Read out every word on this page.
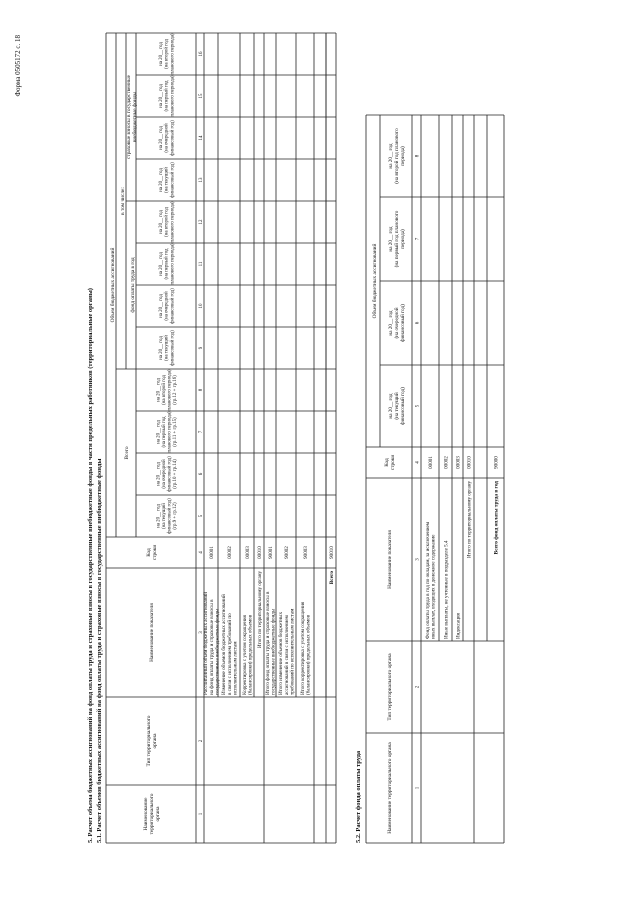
Форма 0505172 с. 18
5. Расчет объема бюджетных ассигнований на фонд оплаты труда и страховые взносы в государственные внебюджетные фонды в части предельных работников (территориальные органы) 5.1. Расчет объемов бюджетных ассигнований на фонд оплаты труда и страховые взносы в государственные внебюджетные фонды	Наименованиетерриториальногооргана
Тип территориальногооргана
Наименование показателя
Кодстроки
Объем бюджетных ассигнований
Всего
в том числе:
фонд оплаты труда в год
страховые взносы в государственныевнебюджетные фонды
на 20__ год(на текущийфинансовый год)(гр.9 + гр.12)
на 20__ год(на очереднойфинансовый год)(гр.10 + гр.14)
на 20__ год(на первый годпланового периода)(гр.11 + гр.15)
на 20__ год(на второй годпланового периода)(гр.12 + гр.16)
на 20__ год(на текущийфинансовый год)
на 20__ год(на очереднойфинансовый год)
на 20__ год(на первый годпланового периода)
на 20__ год(на второй годпланового периода)
на 20__ год(на текущийфинансовый год)
на 20__ год(на очереднойфинансовый год)
на 20__ год(на первый годпланового периода)
на 20__ год(на второй годпланового периода)
1
2
3
4
5
6
7
8
9
10
11
12
13
14
15
16
Рассчитанный объем бюджетных ассигнованийна фонд оплаты труда и страховые взносы вгосударственные внебюджетные фонды
00001
Изменение объемов бюджетных ассигнованийв связи с исполнением требований поисполнительным листам
00002
Корректировка с учетом сокращения(балансировки) предельных объемов
00003
Итого по территориальному органу
00010
Итого фонд оплаты труда и страховые взносы вгосударственные внебюджетные фонды
90001
Итого изменение объемов бюджетныхассигнований в связи с исполнениемтребований по исполнительным листам
90002
Итого корректировка с учетом сокращения(балансировки) предельных объемов
90003
Всего
90010
5.2. Расчет фонда оплаты труда	Наименование территориального органа
Тип территориального органа
Наименование показателя
Кодстроки
Объем бюджетных ассигнований
на 20__ год(на текущийфинансовый год)
на 20__ год(на очереднойфинансовый год)
на 20__ год(на первый год плановогопериода)
на 20__ год(на второй год плановогопериода)
1
2
3
4
5
6
7
8
Фонд оплаты труда в год по окладам, за исключениеминых выплат, входящих в денежное содержание
00001
Иные выплаты, не учтенные в подразделе 5.4
00002
Индексация
00003
Итого по территориальному органу
00010
Всего фонд оплаты труда в год
90000
